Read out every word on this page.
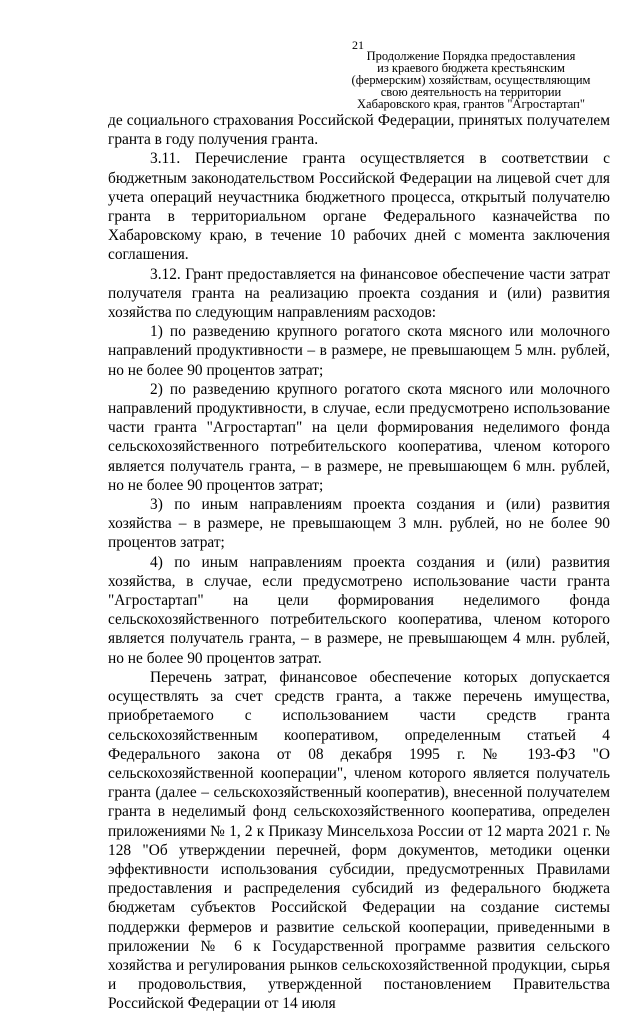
21
Продолжение Порядка предоставления
из краевого бюджета крестьянским
(фермерским) хозяйствам, осуществляющим
свою деятельность на территории
Хабаровского края, грантов "Агростартап"

де социального страхования Российской Федерации, принятых получателем гранта в году получения гранта.

3.11. Перечисление гранта осуществляется в соответствии с бюджетным законодательством Российской Федерации на лицевой счет для учета операций неучастника бюджетного процесса, открытый получателю гранта в территориальном органе Федерального казначейства по Хабаровскому краю, в течение 10 рабочих дней с момента заключения соглашения.

3.12. Грант предоставляется на финансовое обеспечение части затрат получателя гранта на реализацию проекта создания и (или) развития хозяйства по следующим направлениям расходов:

1) по разведению крупного рогатого скота мясного или молочного направлений продуктивности – в размере, не превышающем 5 млн. рублей, но не более 90 процентов затрат;

2) по разведению крупного рогатого скота мясного или молочного направлений продуктивности, в случае, если предусмотрено использование части гранта "Агростартап" на цели формирования неделимого фонда сельскохозяйственного потребительского кооператива, членом которого является получатель гранта, – в размере, не превышающем 6 млн. рублей, но не более 90 процентов затрат;

3) по иным направлениям проекта создания и (или) развития хозяйства – в размере, не превышающем 3 млн. рублей, но не более 90 процентов затрат;

4) по иным направлениям проекта создания и (или) развития хозяйства, в случае, если предусмотрено использование части гранта "Агростартап" на цели формирования неделимого фонда сельскохозяйственного потребительского кооператива, членом которого является получатель гранта, – в размере, не превышающем 4 млн. рублей, но не более 90 процентов затрат.

Перечень затрат, финансовое обеспечение которых допускается осуществлять за счет средств гранта, а также перечень имущества, приобретаемого с использованием части средств гранта сельскохозяйственным кооперативом, определенным статьей 4 Федерального закона от 08 декабря 1995 г. № 193-ФЗ "О сельскохозяйственной кооперации", членом которого является получатель гранта (далее – сельскохозяйственный кооператив), внесенной получателем гранта в неделимый фонд сельскохозяйственного кооператива, определен приложениями № 1, 2 к Приказу Минсельхоза России от 12 марта 2021 г. № 128 "Об утверждении перечней, форм документов, методики оценки эффективности использования субсидии, предусмотренных Правилами предоставления и распределения субсидий из федерального бюджета бюджетам субъектов Российской Федерации на создание системы поддержки фермеров и развитие сельской кооперации, приведенными в приложении № 6 к Государственной программе развития сельского хозяйства и регулирования рынков сельскохозяйственной продукции, сырья и продовольствия, утвержденной постановлением Правительства Российской Федерации от 14 июля
